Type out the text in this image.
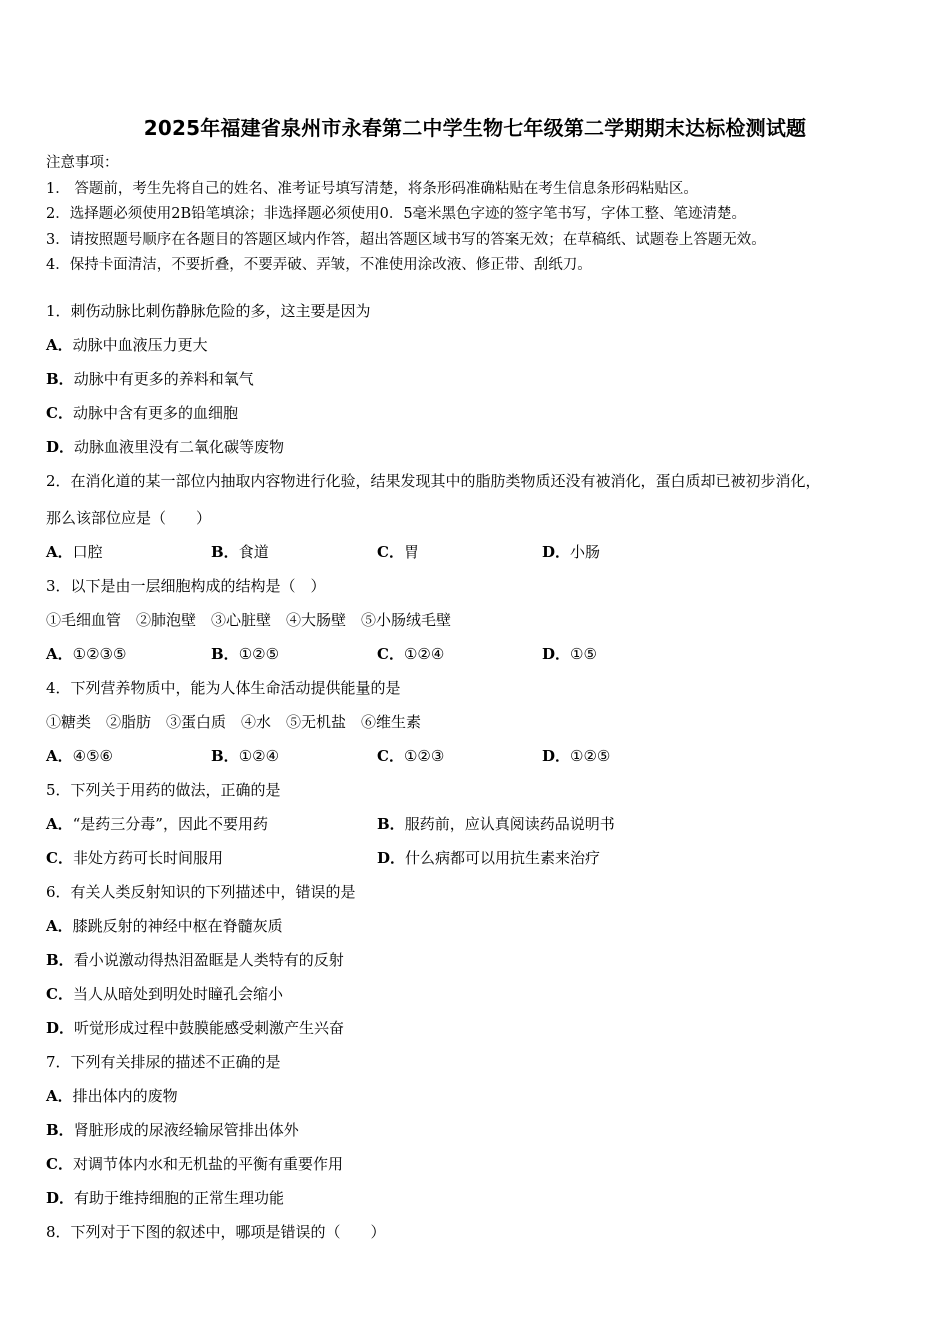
2025年福建省泉州市永春第二中学生物七年级第二学期期末达标检测试题
注意事项：
1． 答题前，考生先将自己的姓名、准考证号填写清楚，将条形码准确粘贴在考生信息条形码粘贴区。
2．选择题必须使用2B铅笔填涂；非选择题必须使用0．5毫米黑色字迹的签字笔书写，字体工整、笔迹清楚。
3．请按照题号顺序在各题目的答题区域内作答，超出答题区域书写的答案无效；在草稿纸、试题卷上答题无效。
4．保持卡面清洁，不要折叠，不要弄破、弄皱，不准使用涂改液、修正带、刮纸刀。
1．刺伤动脉比刺伤静脉危险的多，这主要是因为
A．动脉中血液压力更大
B．动脉中有更多的养料和氧气
C．动脉中含有更多的血细胞
D．动脉血液里没有二氧化碳等废物
2．在消化道的某一部位内抽取内容物进行化验，结果发现其中的脂肪类物质还没有被消化，蛋白质却已被初步消化，
那么该部位应是（　　）
A．口腔	B．食道	C．胃	D．小肠
3．以下是由一层细胞构成的结构是（　）
①毛细血管　②肺泡壁　③心脏壁　④大肠壁　⑤小肠绒毛壁
A．①②③⑤	B．①②⑤	C．①②④	D．①⑤
4．下列营养物质中，能为人体生命活动提供能量的是
①糖类　②脂肪　③蛋白质　④水　⑤无机盐　⑥维生素
A．④⑤⑥	B．①②④	C．①②③	D．①②⑤
5．下列关于用药的做法，正确的是
A．“是药三分毒”，因此不要用药	B．服药前，应认真阅读药品说明书
C．非处方药可长时间服用	D．什么病都可以用抗生素来治疗
6．有关人类反射知识的下列描述中，错误的是
A．膝跳反射的神经中枢在脊髓灰质
B．看小说激动得热泪盈眶是人类特有的反射
C．当人从暗处到明处时瞳孔会缩小
D．听觉形成过程中鼓膜能感受刺激产生兴奋
7．下列有关排尿的描述不正确的是
A．排出体内的废物
B．肾脏形成的尿液经输尿管排出体外
C．对调节体内水和无机盐的平衡有重要作用
D．有助于维持细胞的正常生理功能
8．下列对于下图的叙述中，哪项是错误的（　　）
